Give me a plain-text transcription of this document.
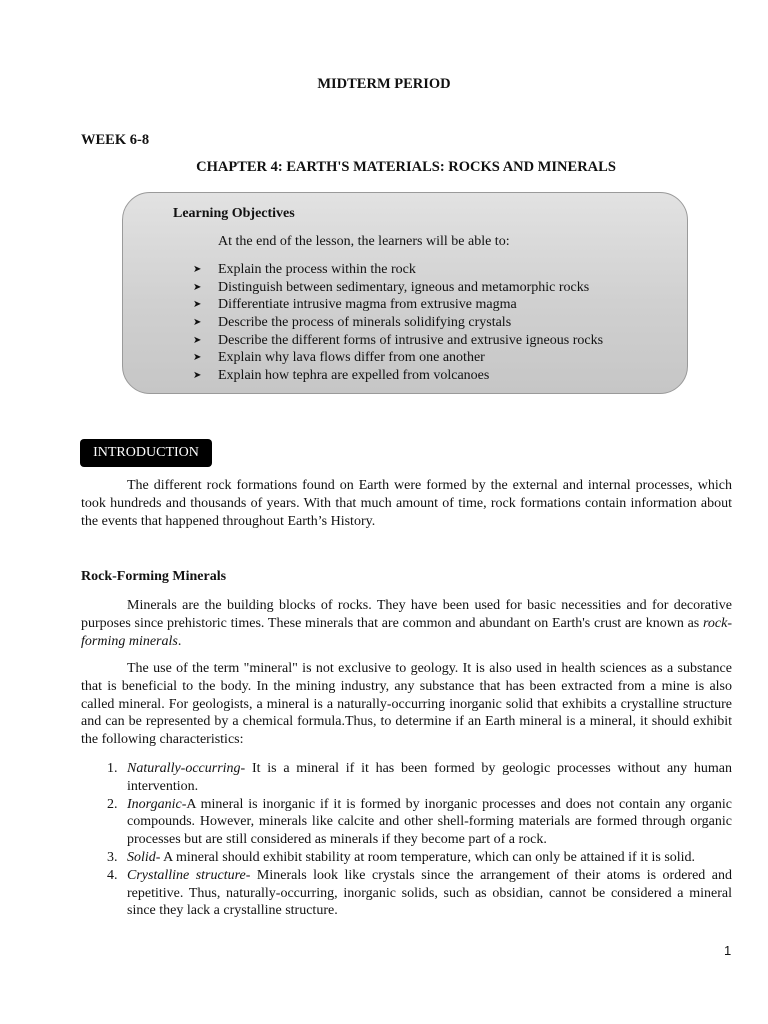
MIDTERM PERIOD
WEEK 6-8
CHAPTER 4: EARTH'S MATERIALS: ROCKS AND MINERALS
Learning Objectives
At the end of the lesson, the learners will be able to:
➤	Explain the process within the rock
➤	Distinguish between sedimentary, igneous and metamorphic rocks
➤	Differentiate intrusive magma from extrusive magma
➤	Describe the process of minerals solidifying crystals
➤	Describe the different forms of intrusive and extrusive igneous rocks
➤	Explain why lava flows differ from one another
➤	Explain how tephra are expelled from volcanoes
INTRODUCTION

The different rock formations found on Earth were formed by the external and internal processes, which took hundreds and thousands of years. With that much amount of time, rock formations contain information about the events that happened throughout Earth’s History.

Rock-Forming Minerals

Minerals are the building blocks of rocks. They have been used for basic necessities and for decorative purposes since prehistoric times. These minerals that are common and abundant on Earth's crust are known as rock-forming minerals.

The use of the term "mineral" is not exclusive to geology. It is also used in health sciences as a substance that is beneficial to the body. In the mining industry, any substance that has been extracted from a mine is also called mineral. For geologists, a mineral is a naturally-occurring inorganic solid that exhibits a crystalline structure and can be represented by a chemical formula.Thus, to determine if an Earth mineral is a mineral, it should exhibit the following characteristics:

1. Naturally-occurring- It is a mineral if it has been formed by geologic processes without any human intervention.
2. Inorganic-A mineral is inorganic if it is formed by inorganic processes and does not contain any organic compounds. However, minerals like calcite and other shell-forming materials are formed through organic processes but are still considered as minerals if they become part of a rock.
3. Solid- A mineral should exhibit stability at room temperature, which can only be attained if it is solid.
4. Crystalline structure- Minerals look like crystals since the arrangement of their atoms is ordered and repetitive. Thus, naturally-occurring, inorganic solids, such as obsidian, cannot be considered a mineral since they lack a crystalline structure.
1
